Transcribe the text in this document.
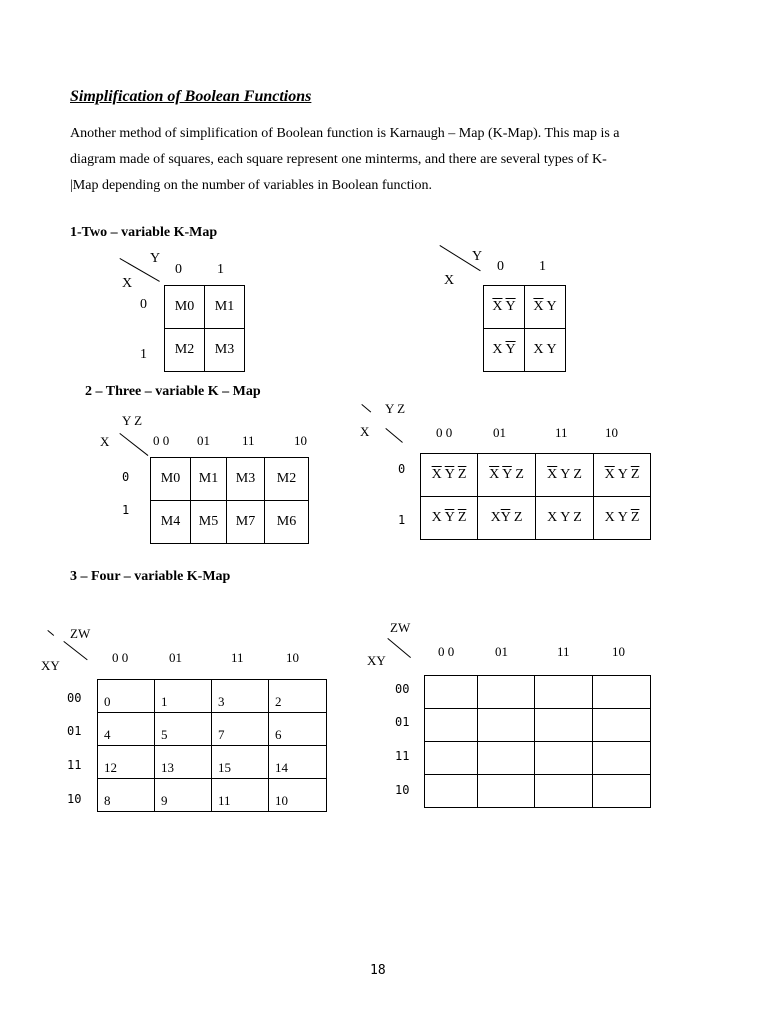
Simplification of Boolean Functions
Another method of simplification of Boolean function is Karnaugh – Map (K-Map). This map is a
diagram made of squares, each square represent one minterms, and there are several types of K-
|Map depending on the number of variables in Boolean function.
1-Two – variable K-Map
Y
X
0	1
0
1
M0	M1
M2	M3
Y
X
0	1
$\overline{X}$ $\overline{Y}$	$\overline{X}$ Y
X $\overline{Y}$	X Y
2 – Three – variable K – Map
Y Z
X	0 0 01 11	10
0
1
M0	M1	M3	M2
M4	M5	M7	M6
Y Z
X	0 0	01	11	10
0
1
$\overline{X}$ $\overline{Y}$ $\overline{Z}$	$\overline{X}$ $\overline{Y}$ Z	$\overline{X}$ Y Z	$\overline{X}$ Y $\overline{Z}$
X $\overline{Y}$ $\overline{Z}$	$X\overline{Y}$ Z	X Y Z	X Y $\overline{Z}$
3 – Four – variable K-Map
ZW
XY
0 0	01	11	10
00
01
11
10
0	1	3	2
4	5	7	6
12	13	15	14
8	9	11	10
ZW
XY
0 0	01	11	10
00
01
11
10

18
